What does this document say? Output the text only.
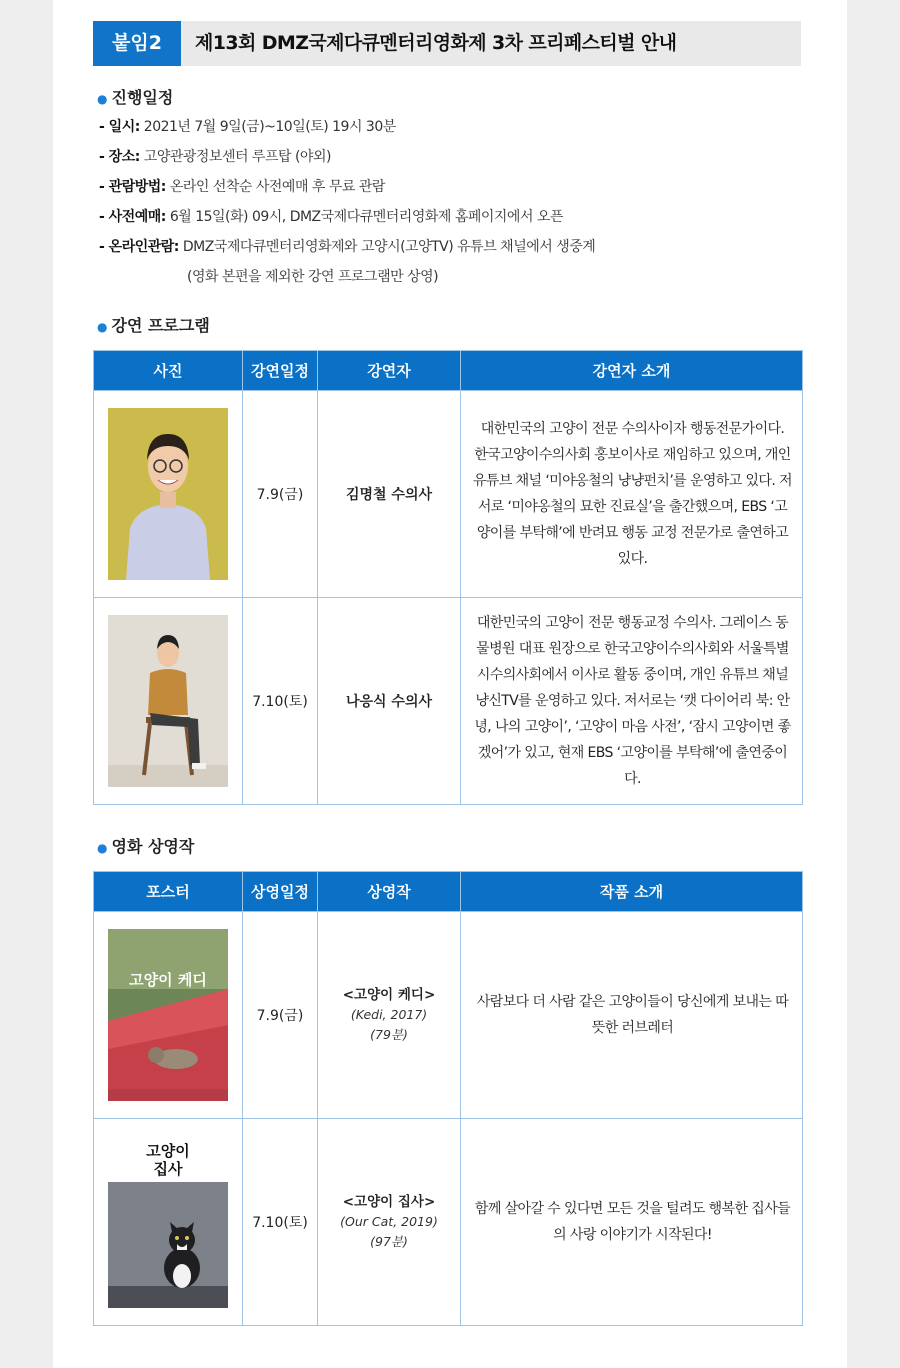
붙임2	제13회 DMZ국제다큐멘터리영화제 3차 프리페스티벌 안내
● 진행일정
- 일시: 2021년 7월 9일(금)~10일(토) 19시 30분
- 장소: 고양관광정보센터 루프탑 (야외)
- 관람방법: 온라인 선착순 사전예매 후 무료 관람
- 사전예매: 6월 15일(화) 09시, DMZ국제다큐멘터리영화제 홈페이지에서 오픈
- 온라인관람: DMZ국제다큐멘터리영화제와 고양시(고양TV) 유튜브 채널에서 생중계
(영화 본편을 제외한 강연 프로그램만 상영)
● 강연 프로그램
사진	강연일정	강연자	강연자 소개

	7.9(금)	김명철 수의사	대한민국의 고양이 전문 수의사이자 행동전문가이다. 한국고양이수의사회 홍보이사로 재임하고 있으며, 개인 유튜브 채널 ‘미야옹철의 냥냥펀치’를 운영하고 있다. 저서로 ‘미야옹철의 묘한 진료실’을 출간했으며, EBS ‘고양이를 부탁해’에 반려묘 행동 교정 전문가로 출연하고 있다.

	7.10(토)	나응식 수의사	대한민국의 고양이 전문 행동교정 수의사. 그레이스 동물병원 대표 원장으로 한국고양이수의사회와 서울특별시수의사회에서 이사로 활동 중이며, 개인 유튜브 채널 냥신TV를 운영하고 있다. 저서로는 ‘캣 다이어리 북: 안녕, 나의 고양이’, ‘고양이 마음 사전’, ‘잠시 고양이면 좋겠어’가 있고, 현재 EBS ‘고양이를 부탁해’에 출연중이다.
● 영화 상영작
포스터	상영일정	상영작	작품 소개

고양이 케디	7.9(금)	<고양이 케디>
(Kedi, 2017)
(79분)	사람보다 더 사람 같은 고양이들이 당신에게 보내는 따뜻한 러브레터

고양이 집사	7.10(토)	<고양이 집사>
(Our Cat, 2019)
(97분)	함께 살아갈 수 있다면 모든 것을 털려도 행복한 집사들의 사랑 이야기가 시작된다!
